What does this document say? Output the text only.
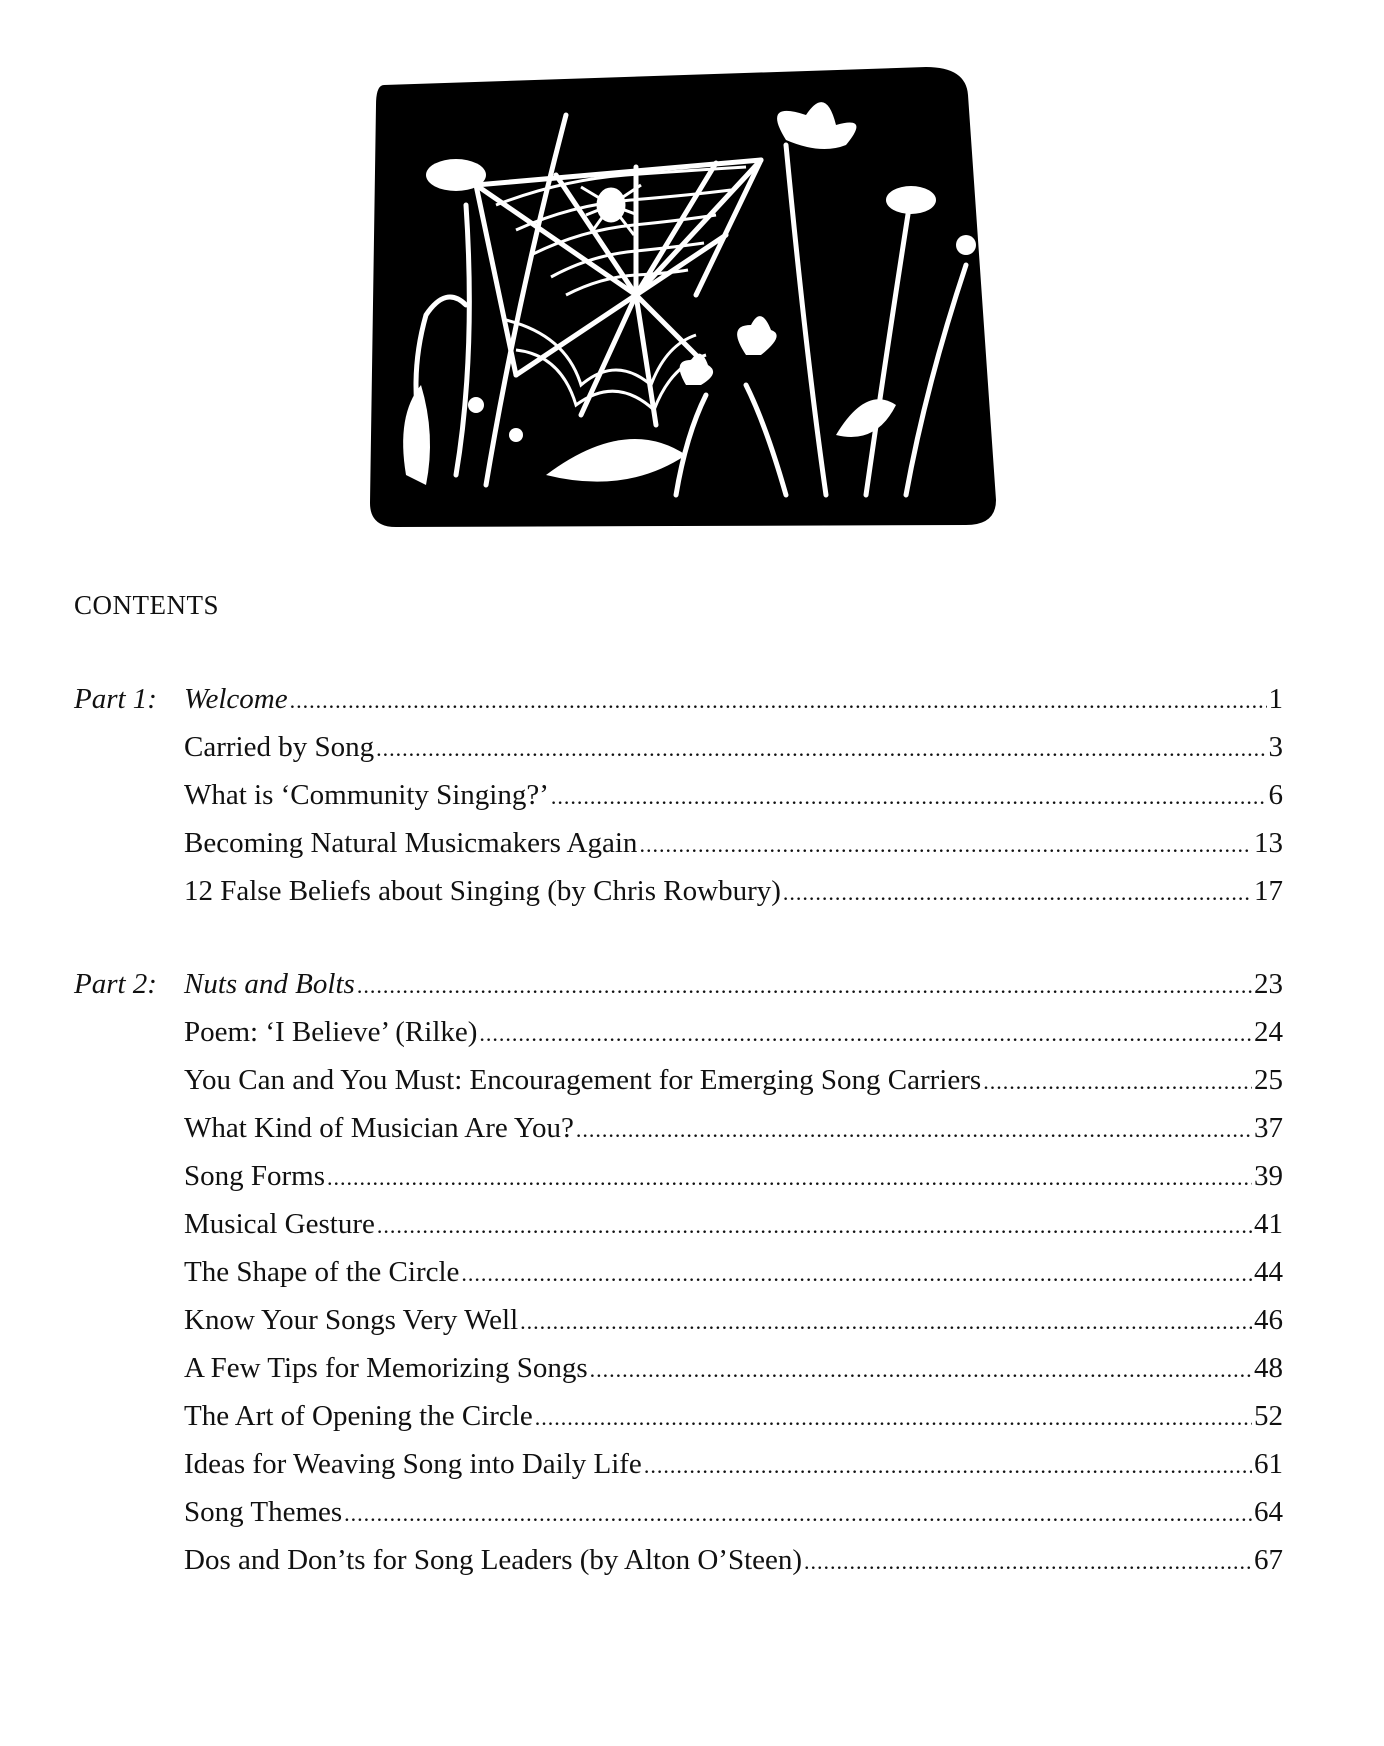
CONTENTS
Part 1: Welcome .....	1
Carried by Song .....	3
What is ‘Community Singing?’ .....	6
Becoming Natural Musicmakers Again .....	13
12 False Beliefs about Singing (by Chris Rowbury) .....	17
Part 2: Nuts and Bolts .....	23
Poem: ‘I Believe’ (Rilke) .....	24
You Can and You Must: Encouragement for Emerging Song Carriers .....	25
What Kind of Musician Are You? .....	37
Song Forms .....	39
Musical Gesture .....	41
The Shape of the Circle .....	44
Know Your Songs Very Well .....	46
A Few Tips for Memorizing Songs .....	48
The Art of Opening the Circle .....	52
Ideas for Weaving Song into Daily Life .....	61
Song Themes .....	64
Dos and Don’ts for Song Leaders (by Alton O’Steen) .....	67
